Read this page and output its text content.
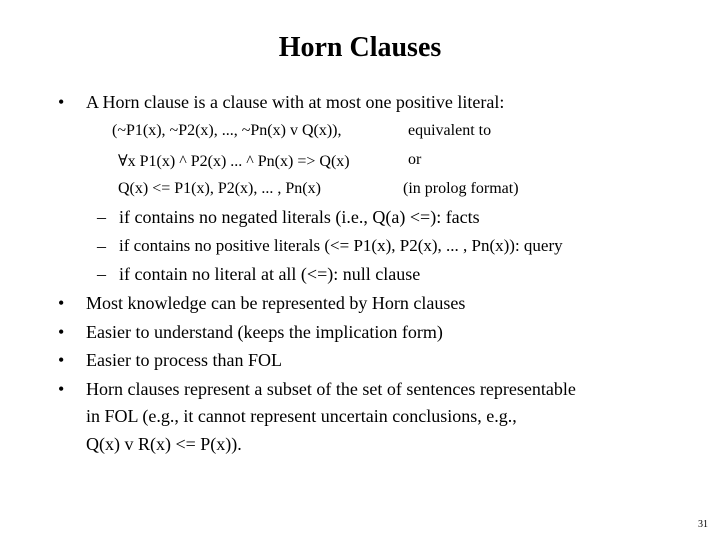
Horn Clauses
• A Horn clause is a clause with at most one positive literal:
(~P1(x), ~P2(x), ..., ~Pn(x) v Q(x)),	equivalent to
∀x P1(x) ^ P2(x) ... ^ Pn(x) => Q(x)	or
Q(x) <= P1(x), P2(x), ... , Pn(x)	(in prolog format)
– if contains no negated literals (i.e., Q(a) <=): facts
– if contains no positive literals (<= P1(x), P2(x), ... , Pn(x)): query
– if contain no literal at all (<=): null clause
• Most knowledge can be represented by Horn clauses
• Easier to understand (keeps the implication form)
• Easier to process than FOL
• Horn clauses represent a subset of the set of sentences representable
in FOL (e.g., it cannot represent uncertain conclusions, e.g.,
Q(x) v R(x) <= P(x)).
31
